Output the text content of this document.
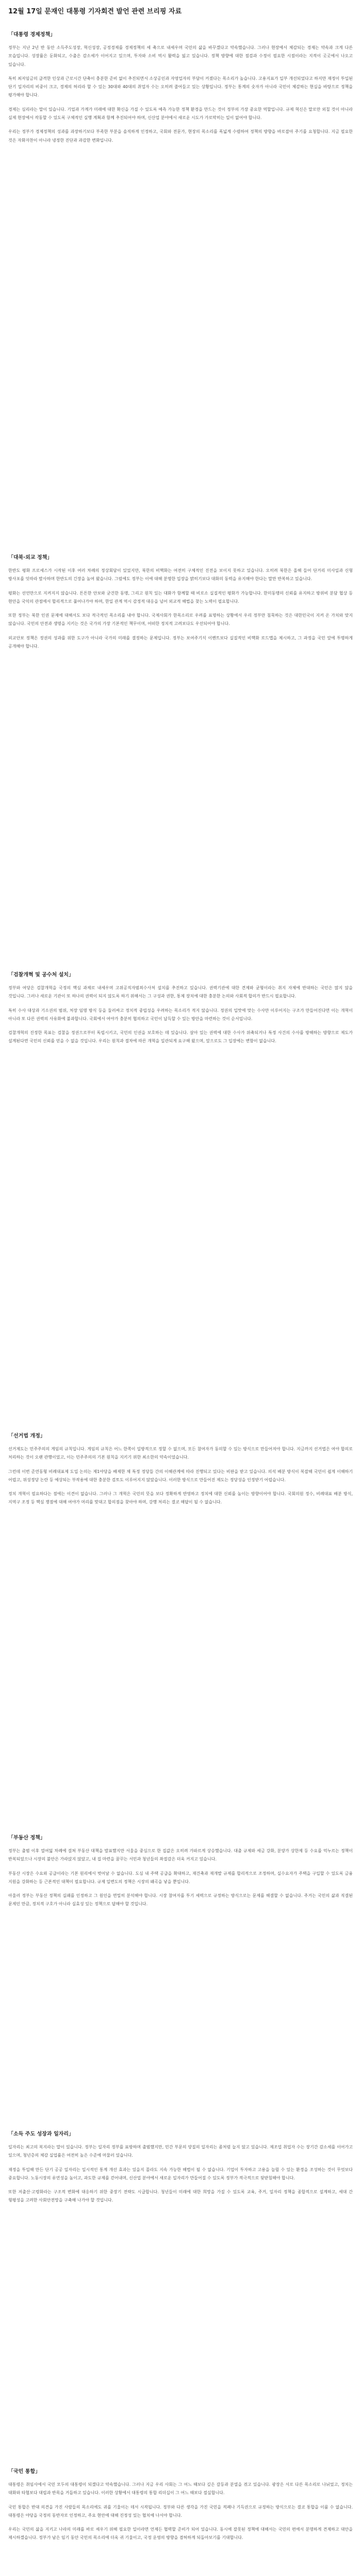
12월 17일 문재인 대통령 기자회견 발언 관련 브리핑 자료
「대통령 경제정책」

정부는 지난 2년 반 동안 소득주도성장, 혁신성장, 공정경제를 경제정책의 세 축으로 내세우며 국민의 삶을 바꾸겠다고 약속했습니다. 그러나 현장에서 체감되는 경제는 약속과 크게 다른 모습입니다. 성장률은 둔화되고, 수출은 감소세가 이어지고 있으며, 투자와 소비 역시 활력을 잃고 있습니다. 정책 방향에 대한 점검과 수정이 필요한 시점이라는 지적이 곳곳에서 나오고 있습니다.

특히 최저임금의 급격한 인상과 근로시간 단축이 충분한 준비 없이 추진되면서 소상공인과 자영업자의 부담이 커졌다는 목소리가 높습니다. 고용지표가 일부 개선되었다고 하지만 재정이 투입된 단기 일자리의 비중이 크고, 경제의 허리라 할 수 있는 30대와 40대의 취업자 수는 오히려 줄어들고 있는 상황입니다. 정부는 통계의 숫자가 아니라 국민이 체감하는 현실을 바탕으로 정책을 평가해야 합니다.

경제는 심리라는 말이 있습니다. 기업과 가계가 미래에 대한 확신을 가질 수 있도록 예측 가능한 정책 환경을 만드는 것이 정부의 가장 중요한 역할입니다. 규제 혁신은 말로만 외칠 것이 아니라 실제 현장에서 작동할 수 있도록 구체적인 실행 계획과 함께 추진되어야 하며, 신산업 분야에서 새로운 시도가 가로막히는 일이 없어야 합니다.

우리는 정부가 경제정책의 성과를 과장하기보다 부족한 부분을 솔직하게 인정하고, 국회와 전문가, 현장의 목소리를 폭넓게 수렴하여 정책의 방향을 바로잡아 주기를 요청합니다. 지금 필요한 것은 자화자찬이 아니라 냉정한 진단과 과감한 변화입니다.

「대북·외교 정책」

한반도 평화 프로세스가 시작된 이후 여러 차례의 정상회담이 있었지만, 북한의 비핵화는 여전히 구체적인 진전을 보이지 못하고 있습니다. 오히려 북한은 올해 들어 단거리 미사일과 신형 방사포를 잇따라 발사하며 한반도의 긴장을 높여 왔습니다. 그럼에도 정부는 이에 대해 분명한 입장을 밝히기보다 대화의 동력을 유지해야 한다는 말만 반복하고 있습니다.

평화는 선언만으로 지켜지지 않습니다. 튼튼한 안보와 굳건한 동맹, 그리고 원칙 있는 대화가 함께할 때 비로소 실질적인 평화가 가능합니다. 한미동맹의 신뢰를 유지하고 방위비 분담 협상 등 현안을 국익의 관점에서 합리적으로 풀어나가야 하며, 한일 관계 역시 감정적 대응을 넘어 외교적 해법을 찾는 노력이 필요합니다.

또한 정부는 북한 인권 문제에 대해서도 보다 적극적인 목소리를 내야 합니다. 국제사회가 한목소리로 우려를 표명하는 상황에서 우리 정부만 침묵하는 것은 대한민국이 지켜 온 가치와 맞지 않습니다. 국민의 안전과 생명을 지키는 것은 국가의 가장 기본적인 책무이며, 어떠한 정치적 고려보다도 우선되어야 합니다.

외교안보 정책은 정권의 성과를 위한 도구가 아니라 국가의 미래를 결정하는 문제입니다. 정부는 보여주기식 이벤트보다 실질적인 비핵화 로드맵을 제시하고, 그 과정을 국민 앞에 투명하게 공개해야 합니다.

「검찰개혁 및 공수처 설치」

정부와 여당은 검찰개혁을 국정의 핵심 과제로 내세우며 고위공직자범죄수사처 설치를 추진하고 있습니다. 권력기관에 대한 견제와 균형이라는 취지 자체에 반대하는 국민은 많지 않을 것입니다. 그러나 새로운 기관이 또 하나의 권력이 되지 않도록 하기 위해서는 그 구성과 권한, 통제 장치에 대한 충분한 논의와 사회적 합의가 반드시 필요합니다.

특히 수사 대상과 기소권의 범위, 처장 임명 방식 등을 둘러싸고 정치적 중립성을 우려하는 목소리가 적지 않습니다. 정권의 입맛에 맞는 수사만 이루어지는 구조가 만들어진다면 이는 개혁이 아니라 또 다른 권력의 사유화에 불과합니다. 국회에서 여야가 충분히 협의하고 국민이 납득할 수 있는 방안을 마련하는 것이 순서입니다.

검찰개혁의 진정한 목표는 검찰을 정권으로부터 독립시키고, 국민의 인권을 보호하는 데 있습니다. 살아 있는 권력에 대한 수사가 위축되거나 특정 사건의 수사를 방해하는 방향으로 제도가 설계된다면 국민의 신뢰를 얻을 수 없을 것입니다. 우리는 원칙과 절차에 따른 개혁을 일관되게 요구해 왔으며, 앞으로도 그 입장에는 변함이 없습니다.

「선거법 개정」

선거제도는 민주주의의 게임의 규칙입니다. 게임의 규칙은 어느 한쪽이 일방적으로 정할 수 없으며, 모든 참여자가 동의할 수 있는 방식으로 만들어져야 합니다. 지금까지 선거법은 여야 합의로 처리하는 것이 오랜 관행이었고, 이는 민주주의의 기본 원칙을 지키기 위한 최소한의 약속이었습니다.

그런데 이번 준연동형 비례대표제 도입 논의는 제1야당을 배제한 채 특정 정당들 간의 이해관계에 따라 진행되고 있다는 비판을 받고 있습니다. 의석 배분 방식이 복잡해 국민이 쉽게 이해하기 어렵고, 위성정당 논란 등 예상되는 부작용에 대한 충분한 검토도 이루어지지 않았습니다. 이러한 방식으로 만들어진 제도는 정당성을 인정받기 어렵습니다.

정치 개혁이 필요하다는 점에는 이견이 없습니다. 그러나 그 개혁은 국민의 뜻을 보다 정확하게 반영하고 정치에 대한 신뢰를 높이는 방향이어야 합니다. 국회의원 정수, 비례대표 배분 방식, 지역구 조정 등 핵심 쟁점에 대해 여야가 머리를 맞대고 합의점을 찾아야 하며, 강행 처리는 결코 해답이 될 수 없습니다.

「부동산 정책」

정부는 출범 이후 열여덟 차례에 걸쳐 부동산 대책을 발표했지만 서울을 중심으로 한 집값은 오히려 가파르게 상승했습니다. 대출 규제와 세금 강화, 분양가 상한제 등 수요를 억누르는 정책이 반복되었으나 시장의 불안은 가라앉지 않았고, 내 집 마련을 꿈꾸는 서민과 청년들의 좌절감은 더욱 커지고 있습니다.

부동산 시장은 수요와 공급이라는 기본 원리에서 벗어날 수 없습니다. 도심 내 주택 공급을 확대하고, 재건축과 재개발 규제를 합리적으로 조정하며, 실수요자가 주택을 구입할 수 있도록 금융 지원을 강화하는 등 근본적인 대책이 필요합니다. 규제 일변도의 정책은 시장의 왜곡을 낳을 뿐입니다.

아울러 정부는 부동산 정책의 실패를 인정하고 그 원인을 면밀히 분석해야 합니다. 시장 참여자를 투기 세력으로 규정하는 방식으로는 문제를 해결할 수 없습니다. 주거는 국민의 삶과 직결된 문제인 만큼, 정치적 구호가 아니라 실효성 있는 정책으로 답해야 할 것입니다.

「소득 주도 성장과 일자리」

일자리는 최고의 복지라는 말이 있습니다. 정부는 일자리 정부를 표방하며 출범했지만, 민간 부문의 양질의 일자리는 좀처럼 늘지 않고 있습니다. 제조업 취업자 수는 장기간 감소세를 이어가고 있으며, 청년층의 체감 실업률은 여전히 높은 수준에 머물러 있습니다.

재정을 투입해 만든 단기 공공 일자리는 일시적인 통계 개선 효과는 있을지 몰라도 지속 가능한 해법이 될 수 없습니다. 기업이 투자하고 고용을 늘릴 수 있는 환경을 조성하는 것이 무엇보다 중요합니다. 노동시장의 유연성을 높이고, 과도한 규제를 걷어내며, 신산업 분야에서 새로운 일자리가 만들어질 수 있도록 정부가 적극적으로 뒷받침해야 합니다.

또한 저출산·고령화라는 구조적 변화에 대응하기 위한 중장기 전략도 시급합니다. 청년들이 미래에 대한 희망을 가질 수 있도록 교육, 주거, 일자리 정책을 종합적으로 설계하고, 세대 간 형평성을 고려한 사회안전망을 구축해 나가야 할 것입니다.

「국민 통합」

대통령은 취임사에서 국민 모두의 대통령이 되겠다고 약속했습니다. 그러나 지금 우리 사회는 그 어느 때보다 깊은 갈등과 분열을 겪고 있습니다. 광장은 서로 다른 목소리로 나뉘었고, 정치는 대화와 타협보다 대립과 반목을 거듭하고 있습니다. 이러한 상황에서 대통령의 통합 리더십이 그 어느 때보다 절실합니다.

국민 통합은 반대 의견을 가진 사람들의 목소리에도 귀를 기울이는 데서 시작됩니다. 정부와 다른 생각을 가진 국민을 적폐나 기득권으로 규정하는 방식으로는 결코 통합을 이룰 수 없습니다. 대통령은 야당을 국정의 동반자로 인정하고, 주요 현안에 대해 진정성 있는 협치에 나서야 합니다.

우리는 국민의 삶을 지키고 나라의 미래를 바로 세우기 위해 필요한 일이라면 언제든 협력할 준비가 되어 있습니다. 동시에 잘못된 정책에 대해서는 국민의 편에서 분명하게 견제하고 대안을 제시하겠습니다. 정부가 남은 임기 동안 국민의 목소리에 더욱 귀 기울이고, 국정 운영의 방향을 겸허하게 되돌아보기를 기대합니다.
